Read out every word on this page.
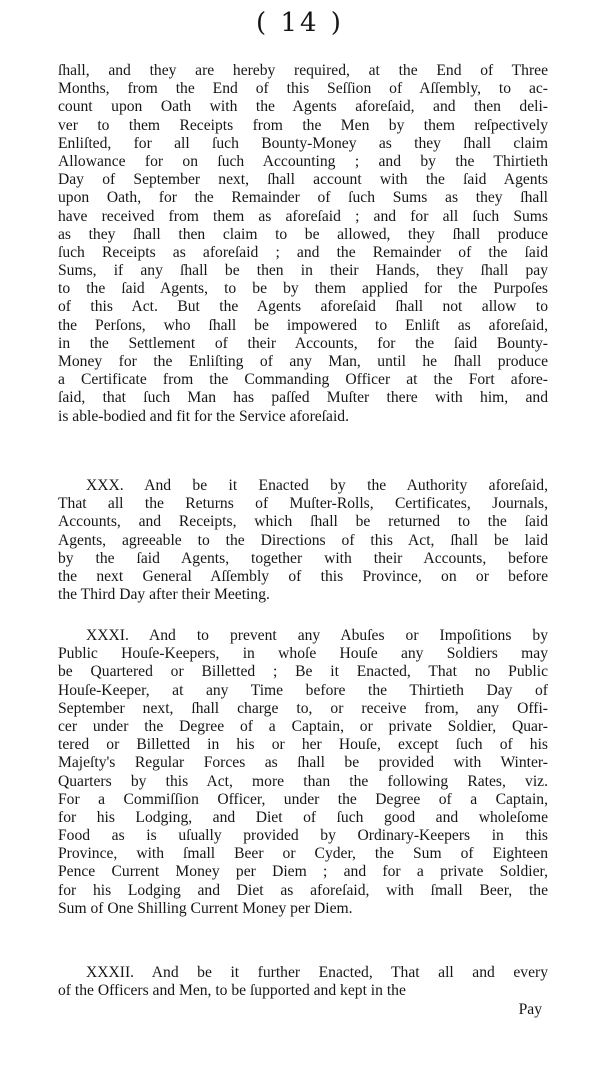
( 14 )
ſhall, and they are hereby required, at the End of Three
Months, from the End of this Seſſion of Aſſembly, to ac-
count upon Oath with the Agents aforeſaid, and then deli-
ver to them Receipts from the Men by them reſpectively
Enliſted, for all ſuch Bounty-Money as they ſhall claim
Allowance for on ſuch Accounting ; and by the Thirtieth
Day of September next, ſhall account with the ſaid Agents
upon Oath, for the Remainder of ſuch Sums as they ſhall
have received from them as aforeſaid ; and for all ſuch Sums
as they ſhall then claim to be allowed, they ſhall produce
ſuch Receipts as aforeſaid ; and the Remainder of the ſaid
Sums, if any ſhall be then in their Hands, they ſhall pay
to the ſaid Agents, to be by them applied for the Purpoſes
of this Act. But the Agents aforeſaid ſhall not allow to
the Perſons, who ſhall be impowered to Enliſt as aforeſaid,
in the Settlement of their Accounts, for the ſaid Bounty-
Money for the Enliſting of any Man, until he ſhall produce
a Certificate from the Commanding Officer at the Fort afore-
ſaid, that ſuch Man has paſſed Muſter there with him, and
is able-bodied and fit for the Service aforeſaid.
XXX. And be it Enacted by the Authority aforeſaid,
That all the Returns of Muſter-Rolls, Certificates, Journals,
Accounts, and Receipts, which ſhall be returned to the ſaid
Agents, agreeable to the Directions of this Act, ſhall be laid
by the ſaid Agents, together with their Accounts, before
the next General Aſſembly of this Province, on or before
the Third Day after their Meeting.
XXXI. And to prevent any Abuſes or Impoſitions by
Public Houſe-Keepers, in whoſe Houſe any Soldiers may
be Quartered or Billetted ; Be it Enacted, That no Public
Houſe-Keeper, at any Time before the Thirtieth Day of
September next, ſhall charge to, or receive from, any Offi-
cer under the Degree of a Captain, or private Soldier, Quar-
tered or Billetted in his or her Houſe, except ſuch of his
Majeſty's Regular Forces as ſhall be provided with Winter-
Quarters by this Act, more than the following Rates, viz.
For a Commiſſion Officer, under the Degree of a Captain,
for his Lodging, and Diet of ſuch good and wholeſome
Food as is uſually provided by Ordinary-Keepers in this
Province, with ſmall Beer or Cyder, the Sum of Eighteen
Pence Current Money per Diem ; and for a private Soldier,
for his Lodging and Diet as aforeſaid, with ſmall Beer, the
Sum of One Shilling Current Money per Diem.
XXXII. And be it further Enacted, That all and every
of the Officers and Men, to be ſupported and kept in the
Pay
